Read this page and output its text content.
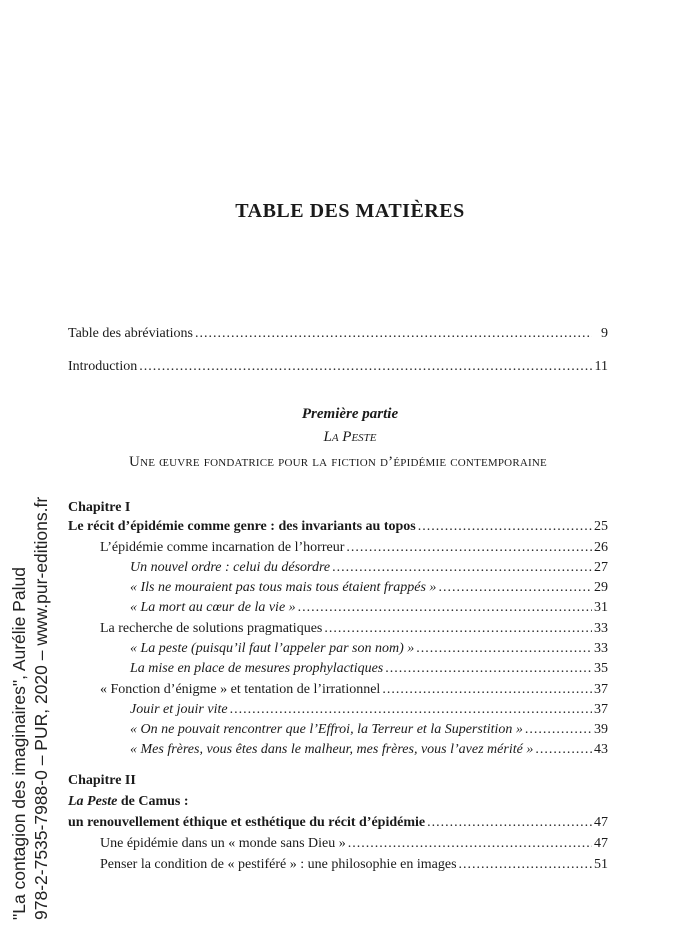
TABLE DES MATIÈRES
Table des abréviations .....	9
Introduction .....	11
Première partie
La Peste
Une œuvre fondatrice pour la fiction d’épidémie contemporaine
Chapitre I
Le récit d’épidémie comme genre : des invariants au topos .....	25
L’épidémie comme incarnation de l’horreur .....	26
Un nouvel ordre : celui du désordre .....	27
« Ils ne mouraient pas tous mais tous étaient frappés » .....	29
« La mort au cœur de la vie » .....	31
La recherche de solutions pragmatiques .....	33
« La peste (puisqu’il faut l’appeler par son nom) » .....	33
La mise en place de mesures prophylactiques .....	35
« Fonction d’énigme » et tentation de l’irrationnel .....	37
Jouir et jouir vite .....	37
« On ne pouvait rencontrer que l’Effroi, la Terreur et la Superstition » .....	39
« Mes frères, vous êtes dans le malheur, mes frères, vous l’avez mérité » .....	43
Chapitre II
La Peste de Camus :
un renouvellement éthique et esthétique du récit d’épidémie .....	47
Une épidémie dans un « monde sans Dieu » .....	47
Penser la condition de « pestiféré » : une philosophie en images .....	51
"La contagion des imaginaires", Aurélie Palud 978-2-7535-7988-0 – PUR, 2020 – www.pur-editions.fr
